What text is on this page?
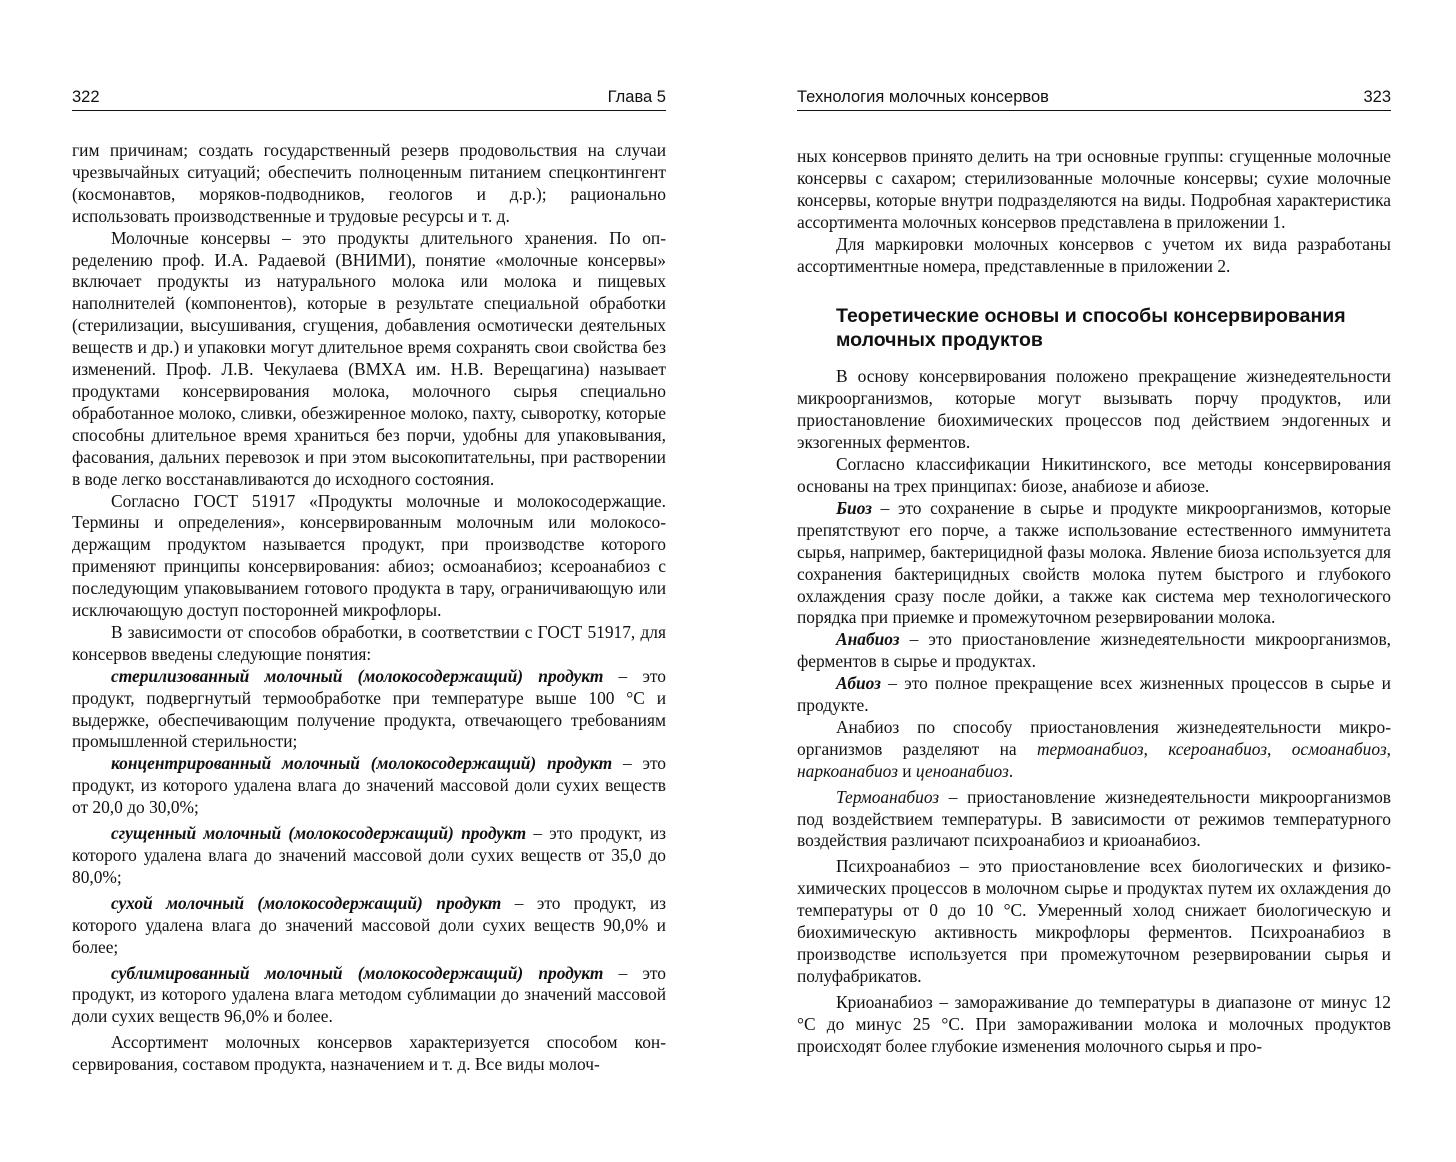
322	Глава 5

гим причинам; создать государственный резерв продовольствия на случаи чрезвычайных ситуаций; обеспечить полноценным питанием спецконтингент (космонавтов, моряков-подводников, геологов и д.р.); рационально использовать производственные и трудовые ресурсы и т. д.

Молочные консервы – это продукты длительного хранения. По определению проф. И.А. Радаевой (ВНИМИ), понятие «молочные консервы» включает продукты из натурального молока или молока и пищевых наполнителей (компонентов), которые в результате специальной обработки (стерилизации, высушивания, сгущения, добавления осмотически деятельных веществ и др.) и упаковки могут длительное время сохранять свои свойства без изменений. Проф. Л.В. Чекулаева (ВМХА им. Н.В. Верещагина) называет продуктами консервирования молока, молочного сырья специально обработанное молоко, сливки, обезжиренное молоко, пахту, сыворотку, которые способны длительное время храниться без порчи, удобны для упаковывания, фасования, дальних перевозок и при этом высокопитательны, при растворении в воде легко восстанавливаются до исходного состояния.

Согласно ГОСТ 51917 «Продукты молочные и молокосодержащие. Термины и определения», консервированным молочным или молокосодержащим продуктом называется продукт, при производстве которого применяют принципы консервирования: абиоз; осмоанабиоз; ксероанабиоз с последующим упаковыванием готового продукта в тару, ограничивающую или исключающую доступ посторонней микрофлоры.

В зависимости от способов обработки, в соответствии с ГОСТ 51917, для консервов введены следующие понятия:

стерилизованный молочный (молокосодержащий) продукт – это продукт, подвергнутый термообработке при температуре выше 100 °С и выдержке, обеспечивающим получение продукта, отвечающего требованиям промышленной стерильности;

концентрированный молочный (молокосодержащий) продукт – это продукт, из которого удалена влага до значений массовой доли сухих веществ от 20,0 до 30,0%;

сгущенный молочный (молокосодержащий) продукт – это продукт, из которого удалена влага до значений массовой доли сухих веществ от 35,0 до 80,0%;

сухой молочный (молокосодержащий) продукт – это продукт, из которого удалена влага до значений массовой доли сухих веществ 90,0% и более;

сублимированный молочный (молокосодержащий) продукт – это продукт, из которого удалена влага методом сублимации до значений массовой доли сухих веществ 96,0% и более.

Ассортимент молочных консервов характеризуется способом консервирования, составом продукта, назначением и т. д. Все виды молоч-

Технология молочных консервов	323

ных консервов принято делить на три основные группы: сгущенные молочные консервы с сахаром; стерилизованные молочные консервы; сухие молочные консервы, которые внутри подразделяются на виды. Подробная характеристика ассортимента молочных консервов представлена в приложении 1.

Для маркировки молочных консервов с учетом их вида разработаны ассортиментные номера, представленные в приложении 2.

Теоретические основы и способы консервирования молочных продуктов

В основу консервирования положено прекращение жизнедеятельности микроорганизмов, которые могут вызывать порчу продуктов, или приостановление биохимических процессов под действием эндогенных и экзогенных ферментов.

Согласно классификации Никитинского, все методы консервирования основаны на трех принципах: биозе, анабиозе и абиозе.

Биоз – это сохранение в сырье и продукте микроорганизмов, которые препятствуют его порче, а также использование естественного иммунитета сырья, например, бактерицидной фазы молока. Явление биоза используется для сохранения бактерицидных свойств молока путем быстрого и глубокого охлаждения сразу после дойки, а также как система мер технологического порядка при приемке и промежуточном резервировании молока.

Анабиоз – это приостановление жизнедеятельности микроорганизмов, ферментов в сырье и продуктах.

Абиоз – это полное прекращение всех жизненных процессов в сырье и продукте.

Анабиоз по способу приостановления жизнедеятельности микроорганизмов разделяют на термоанабиоз, ксероанабиоз, осмоанабиоз, наркоанабиоз и ценоанабиоз.

Термоанабиоз – приостановление жизнедеятельности микроорганизмов под воздействием температуры. В зависимости от режимов температурного воздействия различают психроанабиоз и криоанабиоз.

Психроанабиоз – это приостановление всех биологических и физико-химических процессов в молочном сырье и продуктах путем их охлаждения до температуры от 0 до 10 °С. Умеренный холод снижает биологическую и биохимическую активность микрофлоры ферментов. Психроанабиоз в производстве используется при промежуточном резервировании сырья и полуфабрикатов.

Криоанабиоз – замораживание до температуры в диапазоне от минус 12 °С до минус 25 °С. При замораживании молока и молочных продуктов происходят более глубокие изменения молочного сырья и про-
